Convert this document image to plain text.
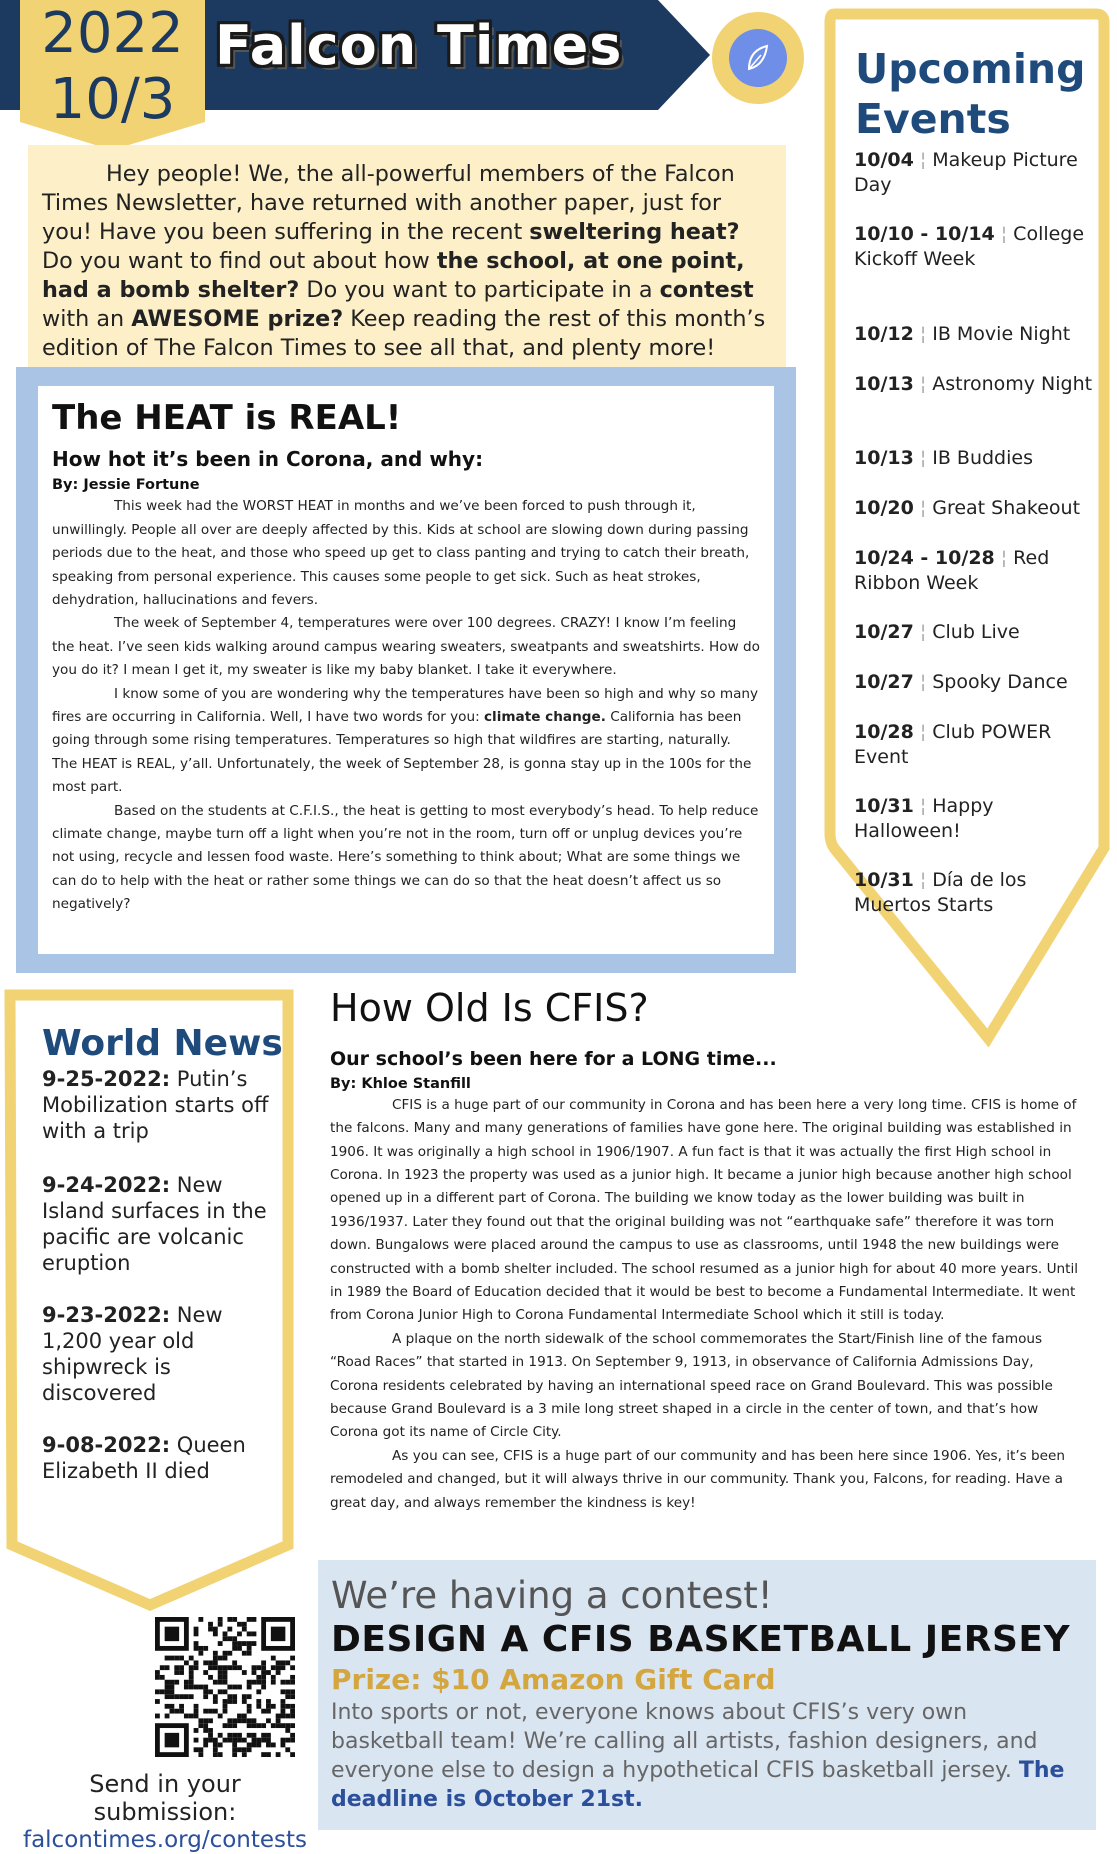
2022
10/3
Falcon Times
Hey people! We, the all-powerful members of the Falcon Times Newsletter, have returned with another paper, just for you! Have you been suffering in the recent sweltering heat? Do you want to find out about how the school, at one point, had a bomb shelter? Do you want to participate in a contest with an AWESOME prize? Keep reading the rest of this month’s edition of The Falcon Times to see all that, and plenty more!
The HEAT is REAL!
How hot it’s been in Corona, and why:
By: Jessie Fortune

This week had the WORST HEAT in months and we’ve been forced to push through it, unwillingly. People all over are deeply affected by this. Kids at school are slowing down during passing periods due to the heat, and those who speed up get to class panting and trying to catch their breath, speaking from personal experience. This causes some people to get sick. Such as heat strokes, dehydration, hallucinations and fevers.

The week of September 4, temperatures were over 100 degrees. CRAZY! I know I’m feeling the heat. I’ve seen kids walking around campus wearing sweaters, sweatpants and sweatshirts. How do you do it? I mean I get it, my sweater is like my baby blanket. I take it everywhere.

I know some of you are wondering why the temperatures have been so high and why so many fires are occurring in California. Well, I have two words for you: climate change. California has been going through some rising temperatures. Temperatures so high that wildfires are starting, naturally. The HEAT is REAL, y’all. Unfortunately, the week of September 28, is gonna stay up in the 100s for the most part.

Based on the students at C.F.I.S., the heat is getting to most everybody’s head. To help reduce climate change, maybe turn off a light when you’re not in the room, turn off or unplug devices you’re not using, recycle and lessen food waste. Here’s something to think about; What are some things we can do to help with the heat or rather some things we can do so that the heat doesn’t affect us so negatively?

Upcoming
Events
10/04 ¦ Makeup Picture Day
10/10 - 10/14 ¦ College Kickoff Week
10/12 ¦ IB Movie Night
10/13 ¦ Astronomy Night
10/13 ¦ IB Buddies
10/20 ¦ Great Shakeout
10/24 - 10/28 ¦ Red Ribbon Week
10/27 ¦ Club Live
10/27 ¦ Spooky Dance
10/28 ¦ Club POWER Event
10/31 ¦ Happy Halloween!
10/31 ¦ Día de los Muertos Starts
World News
9-25-2022: Putin’s Mobilization starts off with a trip
9-24-2022: New Island surfaces in the pacific are volcanic eruption
9-23-2022: New 1,200 year old shipwreck is discovered
9-08-2022: Queen Elizabeth II died
How Old Is CFIS?
Our school’s been here for a LONG time...
By: Khloe Stanfill

CFIS is a huge part of our community in Corona and has been here a very long time. CFIS is home of the falcons. Many and many generations of families have gone here. The original building was established in 1906. It was originally a high school in 1906/1907. A fun fact is that it was actually the first High school in Corona. In 1923 the property was used as a junior high. It became a junior high because another high school opened up in a different part of Corona. The building we know today as the lower building was built in 1936/1937. Later they found out that the original building was not “earthquake safe” therefore it was torn down. Bungalows were placed around the campus to use as classrooms, until 1948 the new buildings were constructed with a bomb shelter included. The school resumed as a junior high for about 40 more years. Until in 1989 the Board of Education decided that it would be best to become a Fundamental Intermediate. It went from Corona Junior High to Corona Fundamental Intermediate School which it still is today.

A plaque on the north sidewalk of the school commemorates the Start/Finish line of the famous “Road Races” that started in 1913. On September 9, 1913, in observance of California Admissions Day, Corona residents celebrated by having an international speed race on Grand Boulevard. This was possible because Grand Boulevard is a 3 mile long street shaped in a circle in the center of town, and that’s how Corona got its name of Circle City.

As you can see, CFIS is a huge part of our community and has been here since 1906. Yes, it’s been remodeled and changed, but it will always thrive in our community. Thank you, Falcons, for reading. Have a great day, and always remember the kindness is key!

Send in your submission:
falcontimes.org/contests
We’re having a contest!
DESIGN A CFIS BASKETBALL JERSEY
Prize: $10 Amazon Gift Card
Into sports or not, everyone knows about CFIS’s very own basketball team! We’re calling all artists, fashion designers, and everyone else to design a hypothetical CFIS basketball jersey. The deadline is October 21st.
